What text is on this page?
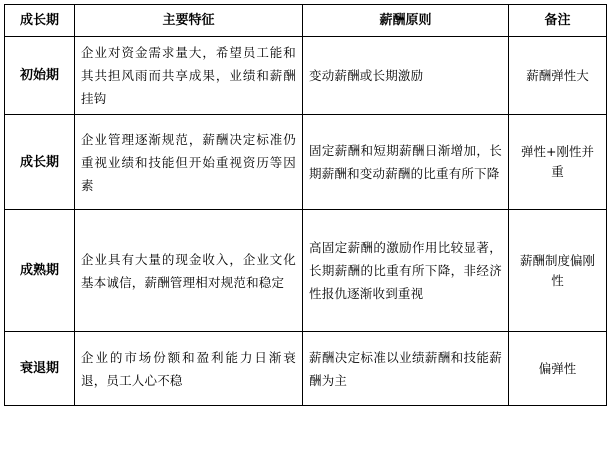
成长期	主要特征	薪酬原则	备注
初始期	企业对资金需求量大，希望员工能和其共担风雨而共享成果，业绩和薪酬挂钩	变动薪酬或长期激励	薪酬弹性大
成长期	企业管理逐渐规范，薪酬决定标准仍重视业绩和技能但开始重视资历等因素	固定薪酬和短期薪酬日渐增加，长期薪酬和变动薪酬的比重有所下降	弹性+刚性并重
成熟期	企业具有大量的现金收入，企业文化基本诚信，薪酬管理相对规范和稳定	高固定薪酬的激励作用比较显著，长期薪酬的比重有所下降，非经济性报仇逐渐收到重视	薪酬制度偏刚性
衰退期	企业的市场份额和盈利能力日渐衰退，员工人心不稳	薪酬决定标准以业绩薪酬和技能薪酬为主	偏弹性
